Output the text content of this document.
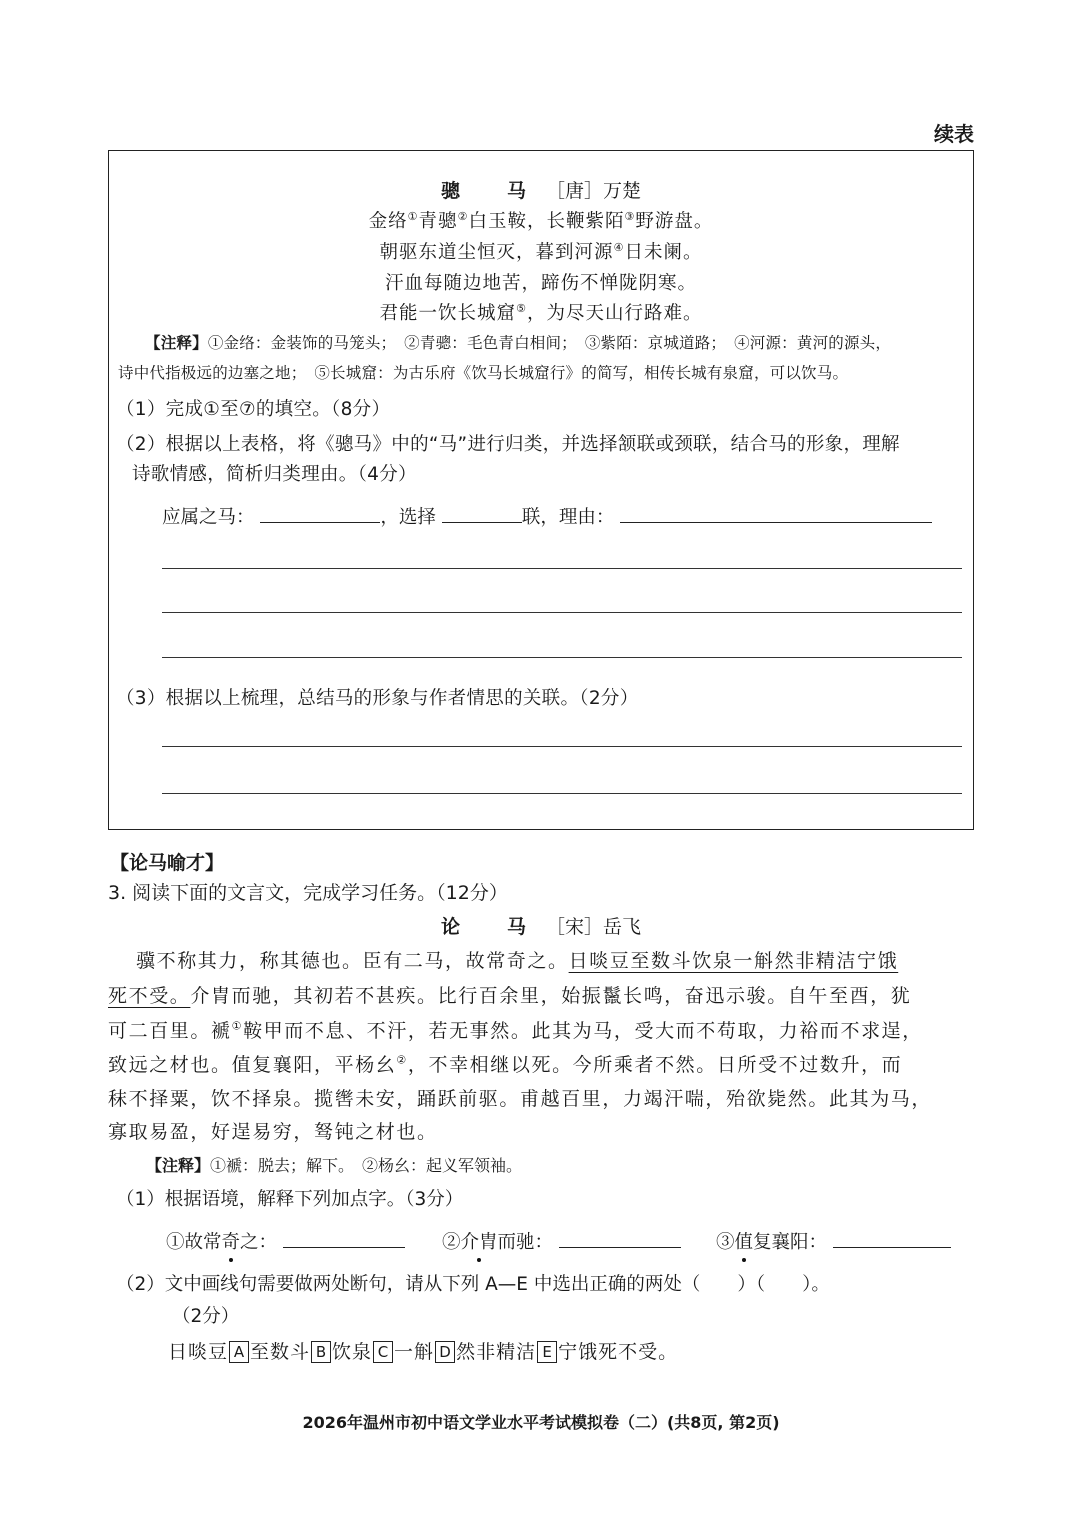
续表
骢　马 ［唐］万楚
金络①青骢②白玉鞍，长鞭紫陌③野游盘。
朝驱东道尘恒灭，暮到河源④日未阑。
汗血每随边地苦，蹄伤不惮陇阴寒。
君能一饮长城窟⑤，为尽天山行路难。
【注释】①金络：金装饰的马笼头；　②青骢：毛色青白相间；　③紫陌：京城道路；　④河源：黄河的源头，
诗中代指极远的边塞之地；　⑤长城窟：为古乐府《饮马长城窟行》的简写，相传长城有泉窟，可以饮马。
（1）完成①至⑦的填空。（8分）
（2）根据以上表格，将《骢马》中的“马”进行归类，并选择颔联或颈联，结合马的形象，理解
诗歌情感，简析归类理由。（4分）
应属之马：	，选择	联，理由：
（3）根据以上梳理，总结马的形象与作者情思的关联。（2分）
【论马喻才】
3. 阅读下面的文言文，完成学习任务。（12分）
论　马 ［宋］岳飞
骥不称其力，称其德也。臣有二马，故常奇之。日啖豆至数斗饮泉一斛然非精洁宁饿
死不受。介胄而驰，其初若不甚疾。比行百余里，始振鬣长鸣，奋迅示骏。自午至酉，犹
可二百里。褫①鞍甲而不息、不汗，若无事然。此其为马，受大而不苟取，力裕而不求逞，
致远之材也。值复襄阳，平杨幺②，不幸相继以死。今所乘者不然。日所受不过数升，而
秣不择粟，饮不择泉。揽辔未安，踊跃前驱。甫越百里，力竭汗喘，殆欲毙然。此其为马，
寡取易盈，好逞易穷，驽钝之材也。
【注释】①褫：脱去；解下。　②杨幺：起义军领袖。
（1）根据语境，解释下列加点字。（3分）
①故常奇之：	②介胄而驰：	③值复襄阳：
（2）文中画线句需要做两处断句，请从下列 A—E 中选出正确的两处（　　）（　　）。
（2分）
日啖豆 A 至数斗 B 饮泉 C 一斛 D 然非精洁 E 宁饿死不受。
2026年温州市初中语文学业水平考试模拟卷（二）(共8页, 第2页)
